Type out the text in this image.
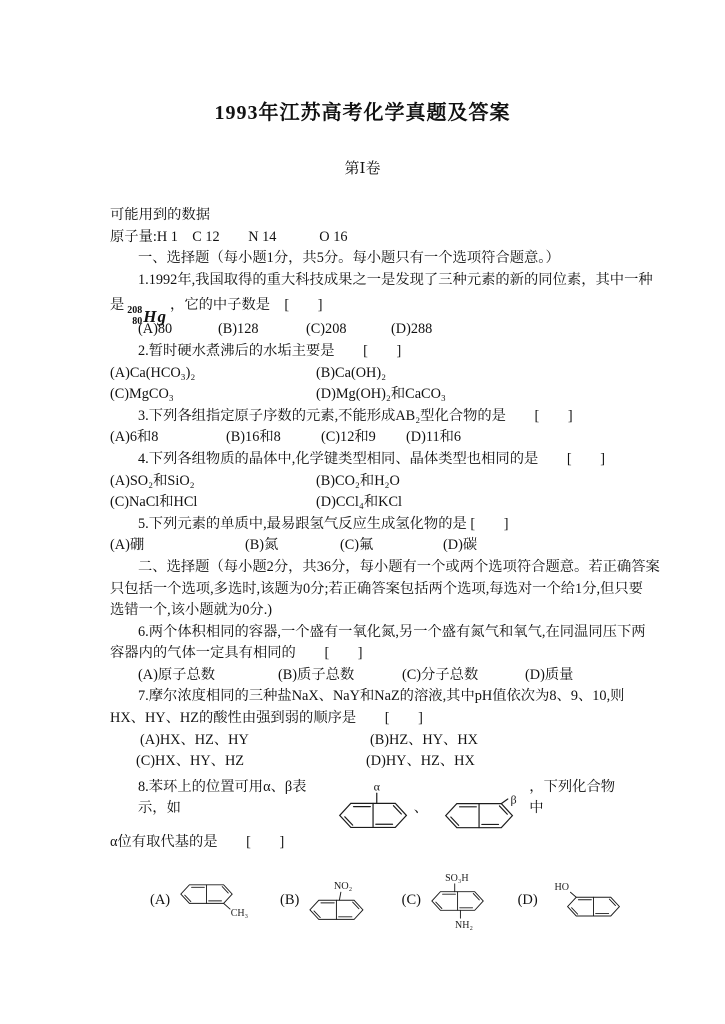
1993年江苏高考化学真题及答案
第Ⅰ卷
可能用到的数据
原子量:H 1　C 12　　N 14　　　O 16
一、选择题（每小题1分，共5分。每小题只有一个选项符合题意。）
1.1992年,我国取得的重大科技成果之一是发现了三种元素的新的同位素，其中一种
是 208
80 Hg
，它的中子数是　[　　]
(A)80	(B)128	(C)208	(D)288
2.暂时硬水煮沸后的水垢主要是　　[　　]
(A)Ca(HCO₃)₂	(B)Ca(OH)₂
(C)MgCO₃	(D)Mg(OH)₂和CaCO₃
3.下列各组指定原子序数的元素,不能形成AB₂型化合物的是　　[　　]
(A)6和8	(B)16和8	(C)12和9	(D)11和6
4.下列各组物质的晶体中,化学键类型相同、晶体类型也相同的是　　[　　]
(A)SO₂和SiO₂	(B)CO₂和H₂O
(C)NaCl和HCl	(D)CCl₄和KCl
5.下列元素的单质中,最易跟氢气反应生成氢化物的是 [　　]
(A)硼	(B)氮	(C)氟	(D)碳
二、选择题（每小题2分，共36分，每小题有一个或两个选项符合题意。若正确答案
只包括一个选项,多选时,该题为0分;若正确答案包括两个选项,每选对一个给1分,但只要
选错一个,该小题就为0分.)
6.两个体积相同的容器,一个盛有一氧化氮,另一个盛有氮气和氧气,在同温同压下两
容器内的气体一定具有相同的　　[　　]
(A)原子总数	(B)质子总数	(C)分子总数	(D)质量
7.摩尔浓度相同的三种盐NaX、NaY和NaZ的溶液,其中pH值依次为8、9、10,则
HX、HY、HZ的酸性由强到弱的顺序是　　[　　]
(A)HX、HZ、HY	(B)HZ、HY、HX
(C)HX、HY、HZ	(D)HY、HZ、HX
8.苯环上的位置可用α、β表示，如
α
、
β
，下列化合物中
α位有取代基的是　　[　　]
(A)
CH₃
(B)
NO₂
(C)
SO₃H
NH₂
(D)
HO
